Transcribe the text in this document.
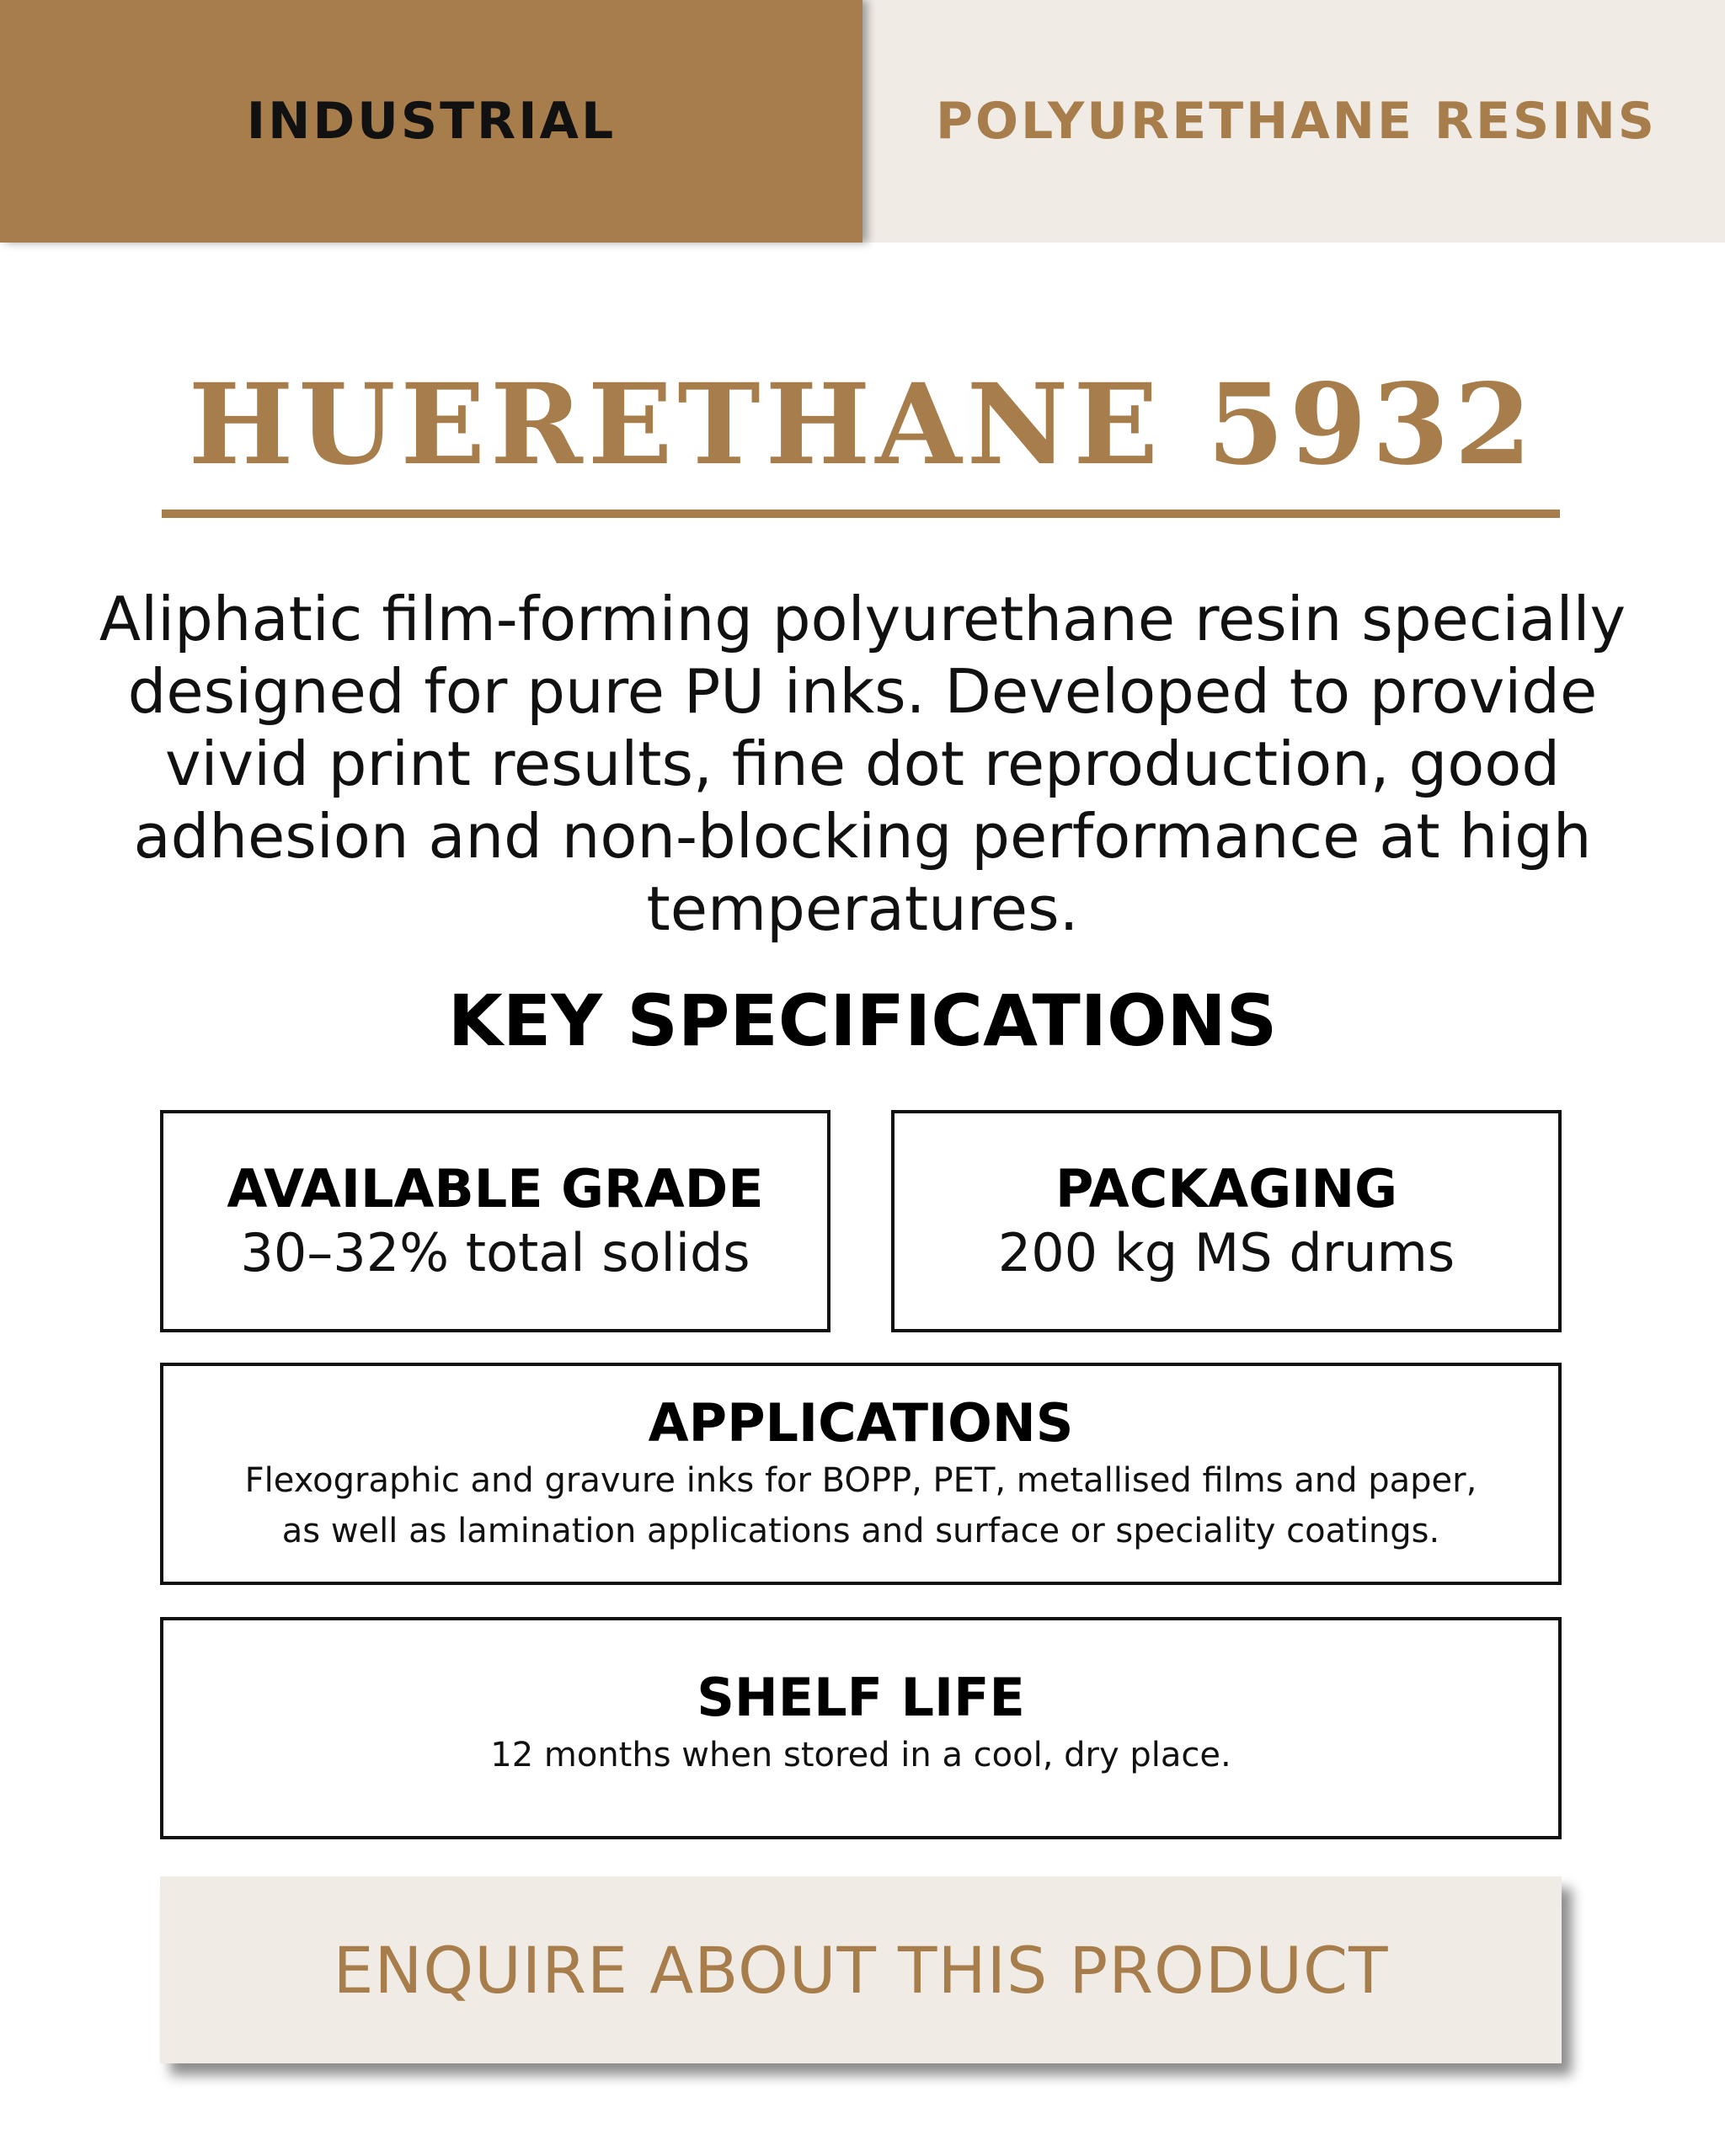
INDUSTRIAL	POLYURETHANE RESINS
HUERETHANE 5932

Aliphatic film-forming polyurethane resin specially designed for pure PU inks. Developed to provide vivid print results, fine dot reproduction, good adhesion and non-blocking performance at high temperatures.

KEY SPECIFICATIONS
AVAILABLE GRADE
30–32% total solids
PACKAGING
200 kg MS drums
APPLICATIONS
Flexographic and gravure inks for BOPP, PET, metallised films and paper,
as well as lamination applications and surface or speciality coatings.
SHELF LIFE
12 months when stored in a cool, dry place.
ENQUIRE ABOUT THIS PRODUCT
